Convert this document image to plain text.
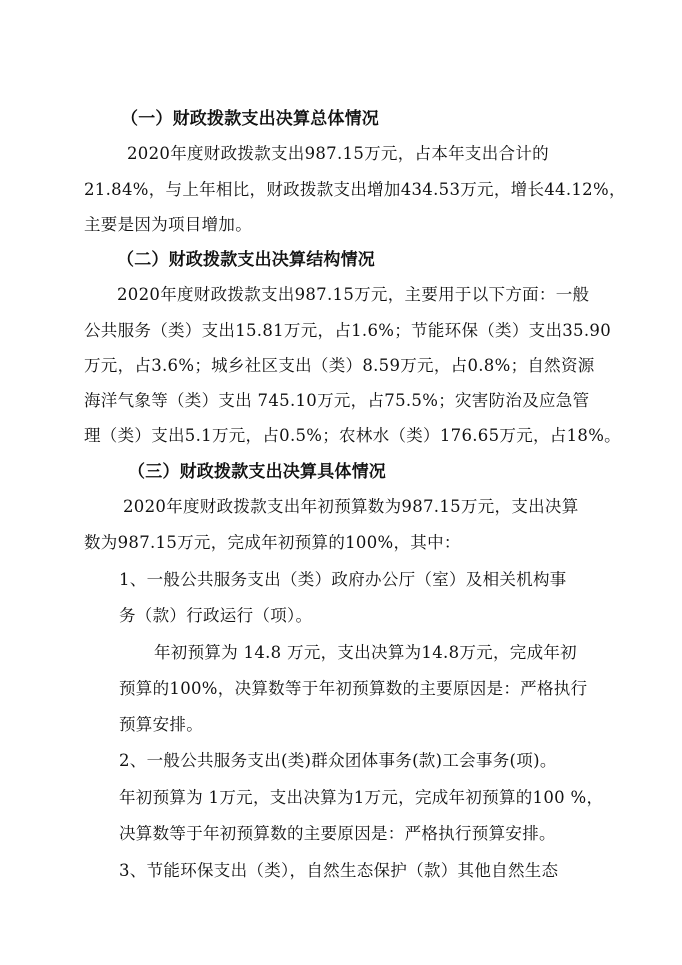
（一）财政拨款支出决算总体情况
2020年度财政拨款支出987.15万元，占本年支出合计的
21.84%，与上年相比，财政拨款支出增加434.53万元，增长44.12%，
主要是因为项目增加。
（二）财政拨款支出决算结构情况
2020年度财政拨款支出987.15万元，主要用于以下方面：一般
公共服务（类）支出15.81万元，占1.6%；节能环保（类）支出35.90
万元，占3.6%；城乡社区支出（类）8.59万元，占0.8%；自然资源
海洋气象等（类）支出 745.10万元，占75.5%；灾害防治及应急管
理（类）支出5.1万元，占0.5%；农林水（类）176.65万元，占18%。
（三）财政拨款支出决算具体情况
2020年度财政拨款支出年初预算数为987.15万元，支出决算
数为987.15万元，完成年初预算的100%，其中：
1、一般公共服务支出（类）政府办公厅（室）及相关机构事
务（款）行政运行（项）。
年初预算为 14.8 万元，支出决算为14.8万元，完成年初
预算的100%，决算数等于年初预算数的主要原因是：严格执行
预算安排。
2、一般公共服务支出(类)群众团体事务(款)工会事务(项)。
年初预算为 1万元，支出决算为1万元，完成年初预算的100 %，
决算数等于年初预算数的主要原因是：严格执行预算安排。
3、节能环保支出（类），自然生态保护（款）其他自然生态
